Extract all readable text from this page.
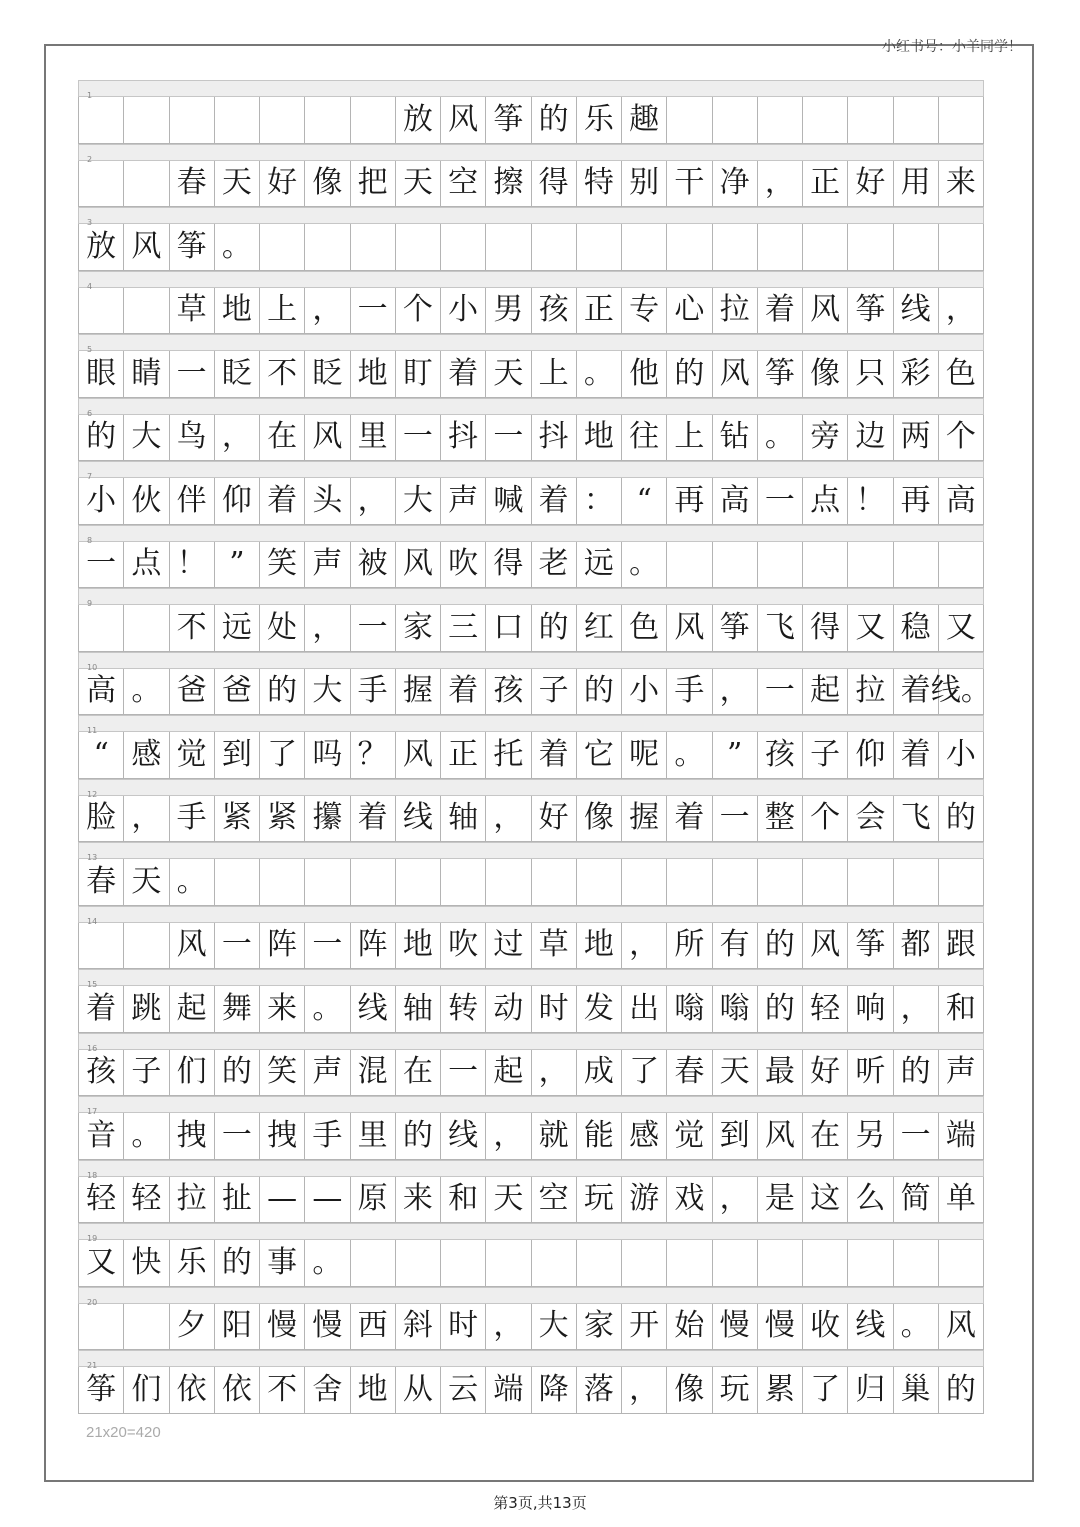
小红书号：小羊同学！
1
放 风 筝 的 乐 趣
2
春 天 好 像 把 天 空 擦 得 特 别 干 净 ， 正 好 用 来
3
放 风 筝 。
4
草 地 上 ， 一 个 小 男 孩 正 专 心 拉 着 风 筝 线 ，
5
眼 睛 一 眨 不 眨 地 盯 着 天 上 。 他 的 风 筝 像 只 彩 色
6
的 大 鸟 ， 在 风 里 一 抖 一 抖 地 往 上 钻 。 旁 边 两 个
7
小 伙 伴 仰 着 头 ， 大 声 喊 着 ： “ 再 高 一 点 ！ 再 高
8
一 点 ！ ” 笑 声 被 风 吹 得 老 远 。
9
不 远 处 ， 一 家 三 口 的 红 色 风 筝 飞 得 又 稳 又
10
高 。 爸 爸 的 大 手 握 着 孩 子 的 小 手 ， 一 起 拉 着 线。
11
“ 感 觉 到 了 吗 ？ 风 正 托 着 它 呢 。 ” 孩 子 仰 着 小
12
脸 ， 手 紧 紧 攥 着 线 轴 ， 好 像 握 着 一 整 个 会 飞 的
13
春 天 。
14
风 一 阵 一 阵 地 吹 过 草 地 ， 所 有 的 风 筝 都 跟
15
着 跳 起 舞 来 。 线 轴 转 动 时 发 出 嗡 嗡 的 轻 响 ， 和
16
孩 子 们 的 笑 声 混 在 一 起 ， 成 了 春 天 最 好 听 的 声
17
音 。 拽 一 拽 手 里 的 线 ， 就 能 感 觉 到 风 在 另 一 端
18
轻 轻 拉 扯 — — 原 来 和 天 空 玩 游 戏 ， 是 这 么 简 单
19
又 快 乐 的 事 。
20
夕 阳 慢 慢 西 斜 时 ， 大 家 开 始 慢 慢 收 线 。 风
21
筝 们 依 依 不 舍 地 从 云 端 降 落 ， 像 玩 累 了 归 巢 的
21x20=420
第3页,共13页
